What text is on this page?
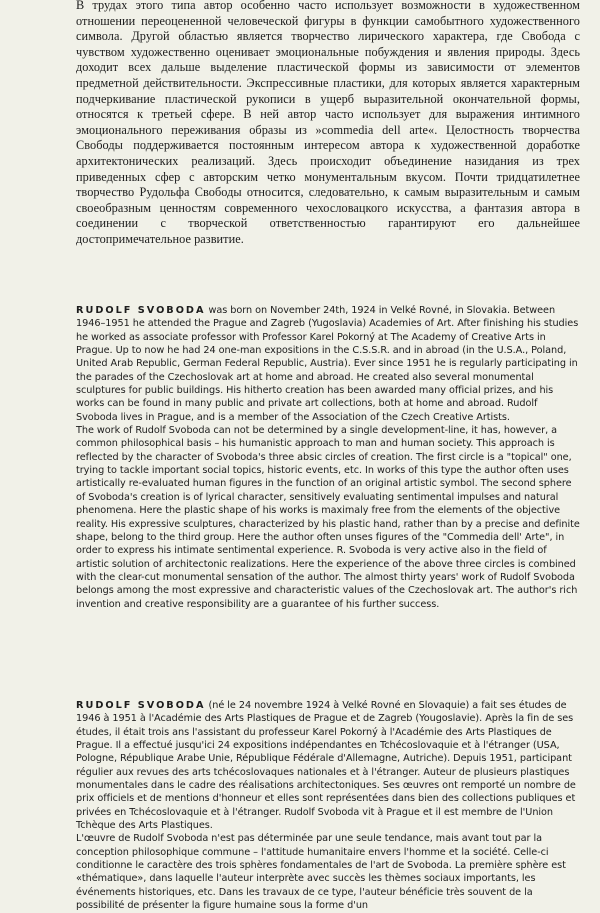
В трудах этого типа автор особенно часто использует возможности в художественном отношении переоцененной человеческой фигуры в функции самобытного художественного символа. Другой областью является творчество лирического характера, где Свобода с чувством художественно оценивает эмоциональные побуждения и явления природы. Здесь доходит всех дальше выделение пластической формы из зависимости от элементов предметной действительности. Экспрессивные пластики, для которых является характерным подчеркивание пластической рукописи в ущерб выразительной окончательной формы, относятся к третьей сфере. В ней автор часто использует для выражения интимного эмоционального переживания образы из »commedia dell arte«. Целостность творчества Свободы поддерживается постоянным интересом автора к художественной доработке архитектонических реализаций. Здесь происходит объединение назидания из трех приведенных сфер с авторским четко монументальным вкусом. Почти тридцатилетнее творчество Рудольфа Свободы относится, следовательно, к самым выразительным и самым своеобразным ценностям современного чехословацкого искусства, а фантазия автора в соединении с творческой ответственностью гарантируют его дальнейшее достопримечательное развитие.

RUDOLF SVOBODA was born on November 24th, 1924 in Velké Rovné, in Slovakia. Between 1946–1951 he attended the Prague and Zagreb (Yugoslavia) Academies of Art. After finishing his studies he worked as associate professor with Professor Karel Pokorný at The Academy of Creative Arts in Prague. Up to now he had 24 one-man expositions in the C.S.S.R. and in abroad (in the U.S.A., Poland, United Arab Republic, German Federal Republic, Austria). Ever since 1951 he is regularly participating in the parades of the Czechoslovak art at home and abroad. He created also several monumental sculptures for public buildings. His hitherto creation has been awarded many official prizes, and his works can be found in many public and private art collections, both at home and abroad. Rudolf Svoboda lives in Prague, and is a member of the Association of the Czech Creative Artists.

The work of Rudolf Svoboda can not be determined by a single development-line, it has, however, a common philosophical basis – his humanistic approach to man and human society. This approach is reflected by the character of Svoboda's three absic circles of creation. The first circle is a "topical" one, trying to tackle important social topics, historic events, etc. In works of this type the author often uses artistically re-evaluated human figures in the function of an original artistic symbol. The second sphere of Svoboda's creation is of lyrical character, sensitively evaluating sentimental impulses and natural phenomena. Here the plastic shape of his works is maximaly free from the elements of the objective reality. His expressive sculptures, characterized by his plastic hand, rather than by a precise and definite shape, belong to the third group. Here the author often unses figures of the "Commedia dell' Arte", in order to express his intimate sentimental experience. R. Svoboda is very active also in the field of artistic solution of architectonic realizations. Here the experience of the above three circles is combined with the clear-cut monumental sensation of the author. The almost thirty years' work of Rudolf Svoboda belongs among the most expressive and characteristic values of the Czechoslovak art. The author's rich invention and creative responsibility are a guarantee of his further success.

RUDOLF SVOBODA (né le 24 novembre 1924 à Velké Rovné en Slovaquie) a fait ses études de 1946 à 1951 à l'Académie des Arts Plastiques de Prague et de Zagreb (Yougoslavie). Après la fin de ses études, il était trois ans l'assistant du professeur Karel Pokorný à l'Académie des Arts Plastiques de Prague. Il a effectué jusqu'ici 24 expositions indépendantes en Tchécoslovaquie et à l'étranger (USA, Pologne, République Arabe Unie, République Fédérale d'Allemagne, Autriche). Depuis 1951, participant régulier aux revues des arts tchécoslovaques nationales et à l'étranger. Auteur de plusieurs plastiques monumentales dans le cadre des réalisations architectoniques. Ses œuvres ont remporté un nombre de prix officiels et de mentions d'honneur et elles sont représentées dans bien des collections publiques et privées en Tchécoslovaquie et à l'étranger. Rudolf Svoboda vit à Prague et il est membre de l'Union Tchèque des Arts Plastiques.

L'œuvre de Rudolf Svoboda n'est pas déterminée par une seule tendance, mais avant tout par la conception philosophique commune – l'attitude humanitaire envers l'homme et la société. Celle-ci conditionne le caractère des trois sphères fondamentales de l'art de Svoboda. La première sphère est «thématique», dans laquelle l'auteur interprète avec succès les thèmes sociaux importants, les événements historiques, etc. Dans les travaux de ce type, l'auteur bénéficie très souvent de la possibilité de présenter la figure humaine sous la forme d'un
